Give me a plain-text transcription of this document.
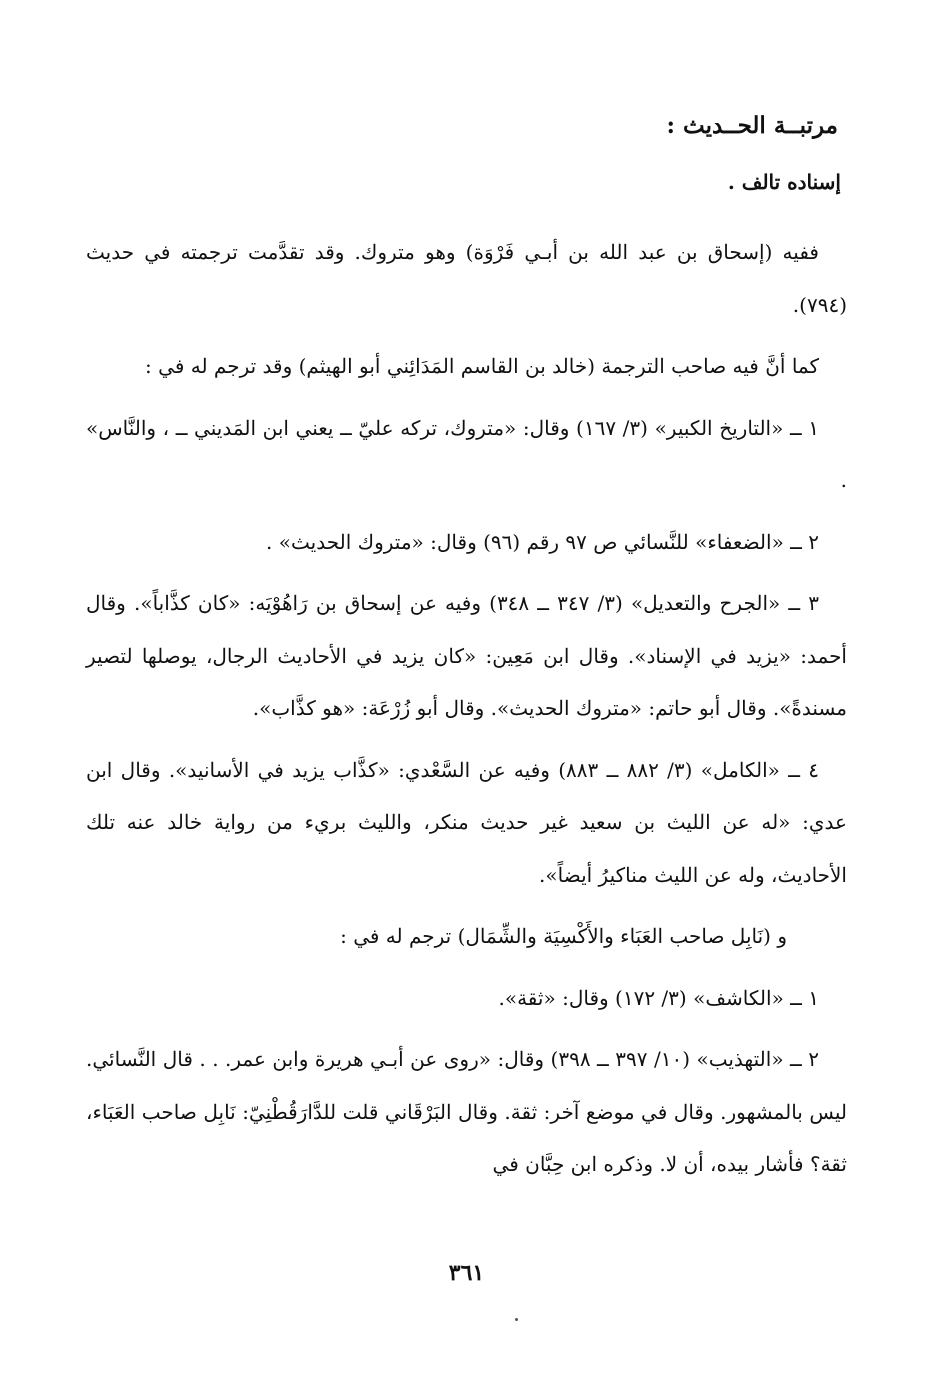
مرتبــة الحــديث :
إسناده تالف .

ففيه (إسحاق بن عبد الله بن أبـي فَرْوَة) وهو متروك. وقد تقدَّمت ترجمته في حديث (٧٩٤).

كما أنَّ فيه صاحب الترجمة (خالد بن القاسم المَدَائِني أبو الهيثم) وقد ترجم له في :

١ ــ «التاريخ الكبير» (٣/ ١٦٧) وقال: «متروك، تركه عليّ ــ يعني ابن المَديني ــ ، والنَّاس» .

٢ ــ «الضعفاء» للنَّسائي ص ٩٧ رقم (٩٦) وقال: «متروك الحديث» .

٣ ــ «الجرح والتعديل» (٣/ ٣٤٧ ــ ٣٤٨) وفيه عن إسحاق بن رَاهُوْيَه: «كان كذَّاباً». وقال أحمد: «يزيد في الإسناد». وقال ابن مَعِين: «كان يزيد في الأحاديث الرجال، يوصلها لتصير مسندةً». وقال أبو حاتم: «متروك الحديث». وقال أبو زُرْعَة: «هو كذَّاب».

٤ ــ «الكامل» (٣/ ٨٨٢ ــ ٨٨٣) وفيه عن السَّعْدي: «كذَّاب يزيد في الأسانيد». وقال ابن عدي: «له عن الليث بن سعيد غير حديث منكر، والليث بريء من رواية خالد عنه تلك الأحاديث، وله عن الليث مناكيرُ أيضاً».

و (نَابِل صاحب العَبَاء والأَكْسِيَة والشِّمَال) ترجم له في :

١ ــ «الكاشف» (٣/ ١٧٢) وقال: «ثقة».

٢ ــ «التهذيب» (١٠/ ٣٩٧ ــ ٣٩٨) وقال: «روى عن أبـي هريرة وابن عمر. . . قال النَّسائي. ليس بالمشهور. وقال في موضع آخر: ثقة. وقال البَرْقَاني قلت للدَّارَقُطْنِيّ: نَابِل صاحب العَبَاء، ثقة؟ فأشار بيده، أن لا. وذكره ابن حِبَّان في

٣٦١
